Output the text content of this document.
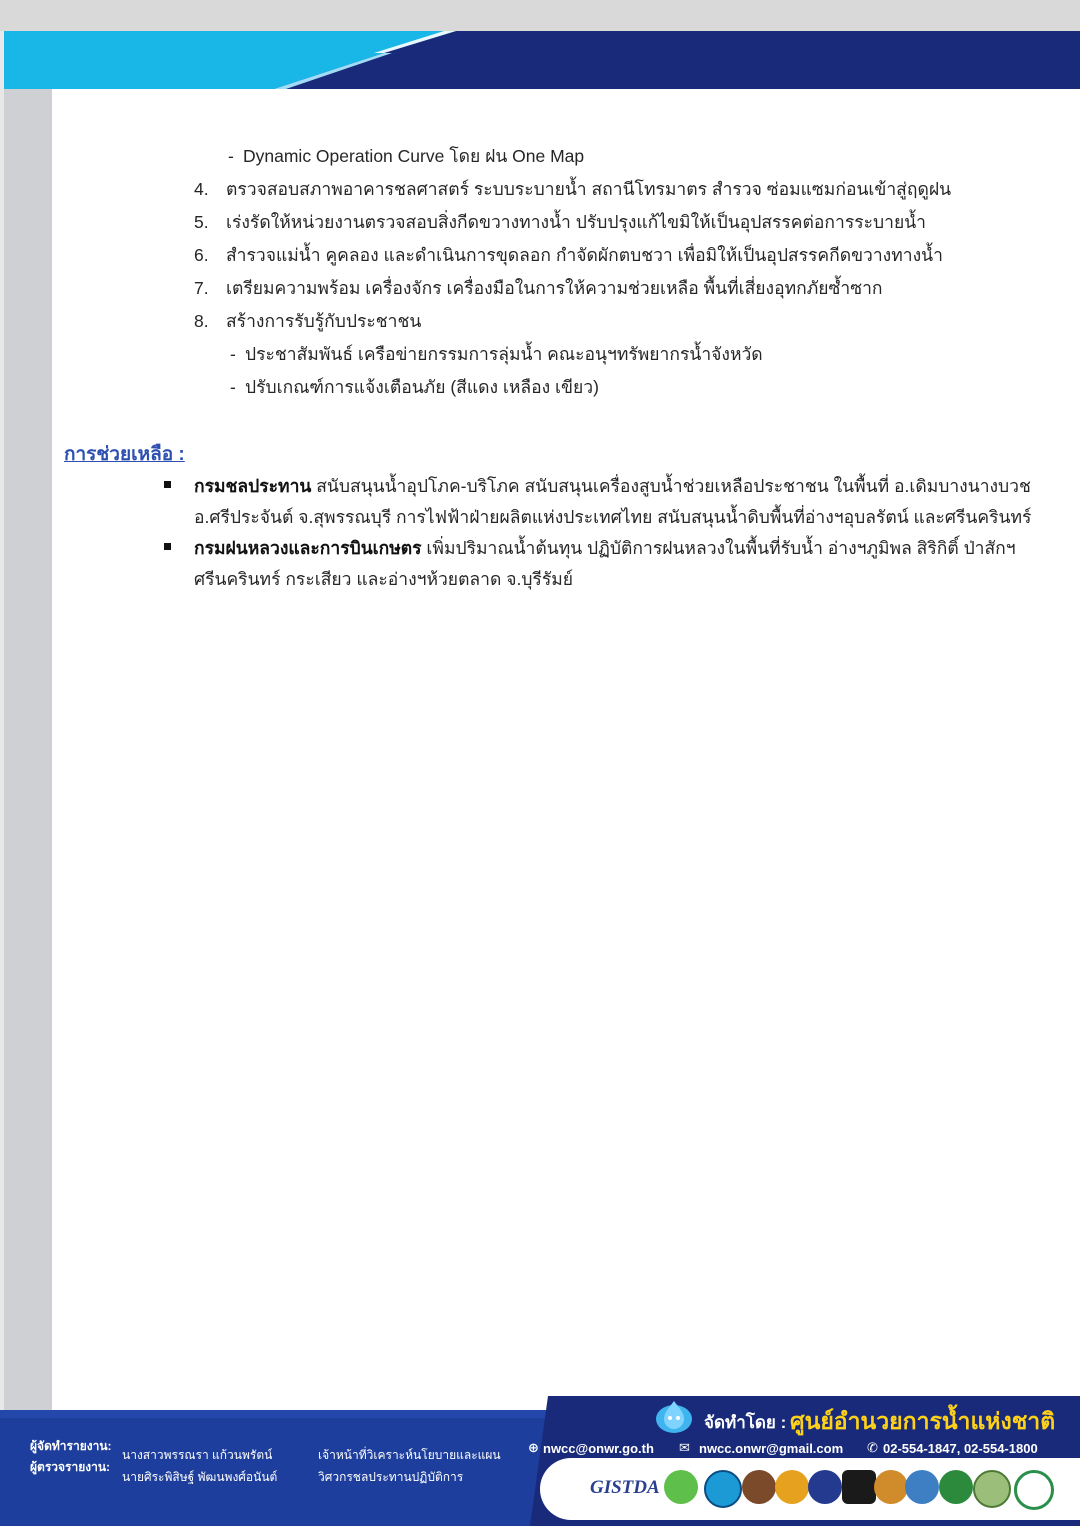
- Dynamic Operation Curve โดย ฝน One Map
4. ตรวจสอบสภาพอาคารชลศาสตร์ ระบบระบายน้ำ สถานีโทรมาตร สำรวจ ซ่อมแซมก่อนเข้าสู่ฤดูฝน
5. เร่งรัดให้หน่วยงานตรวจสอบสิ่งกีดขวางทางน้ำ ปรับปรุงแก้ไขมิให้เป็นอุปสรรคต่อการระบายน้ำ
6. สำรวจแม่น้ำ คูคลอง และดำเนินการขุดลอก กำจัดผักตบชวา เพื่อมิให้เป็นอุปสรรคกีดขวางทางน้ำ
7. เตรียมความพร้อม เครื่องจักร เครื่องมือในการให้ความช่วยเหลือ พื้นที่เสี่ยงอุทกภัยซ้ำซาก
8. สร้างการรับรู้กับประชาชน
- ประชาสัมพันธ์ เครือข่ายกรรมการลุ่มน้ำ คณะอนุฯทรัพยากรน้ำจังหวัด
- ปรับเกณฑ์การแจ้งเตือนภัย (สีแดง เหลือง เขียว)
การช่วยเหลือ :
กรมชลประทาน สนับสนุนน้ำอุปโภค-บริโภค สนับสนุนเครื่องสูบน้ำช่วยเหลือประชาชน ในพื้นที่ อ.เดิมบางนางบวช
อ.ศรีประจันต์ จ.สุพรรณบุรี การไฟฟ้าฝ่ายผลิตแห่งประเทศไทย สนับสนุนน้ำดิบพื้นที่อ่างฯอุบลรัตน์ และศรีนครินทร์
กรมฝนหลวงและการบินเกษตร เพิ่มปริมาณน้ำต้นทุน ปฏิบัติการฝนหลวงในพื้นที่รับน้ำ อ่างฯภูมิพล สิริกิติ์ ป่าสักฯ
ศรีนครินทร์ กระเสียว และอ่างฯห้วยตลาด จ.บุรีรัมย์
ผู้จัดทำรายงาน:
ผู้ตรวจรายงาน:
นางสาวพรรณรา แก้วนพรัตน์
นายศิระพิสิษฐ์ พัฒนพงศ์อนันต์
เจ้าหน้าที่วิเคราะห์นโยบายและแผน
วิศวกรชลประทานปฏิบัติการ
จัดทำโดย : ศูนย์อำนวยการน้ำแห่งชาติ
⊕ nwcc@onwr.go.th ✉ nwcc.onwr@gmail.com ✆ 02-554-1847, 02-554-1800
GISTDA
